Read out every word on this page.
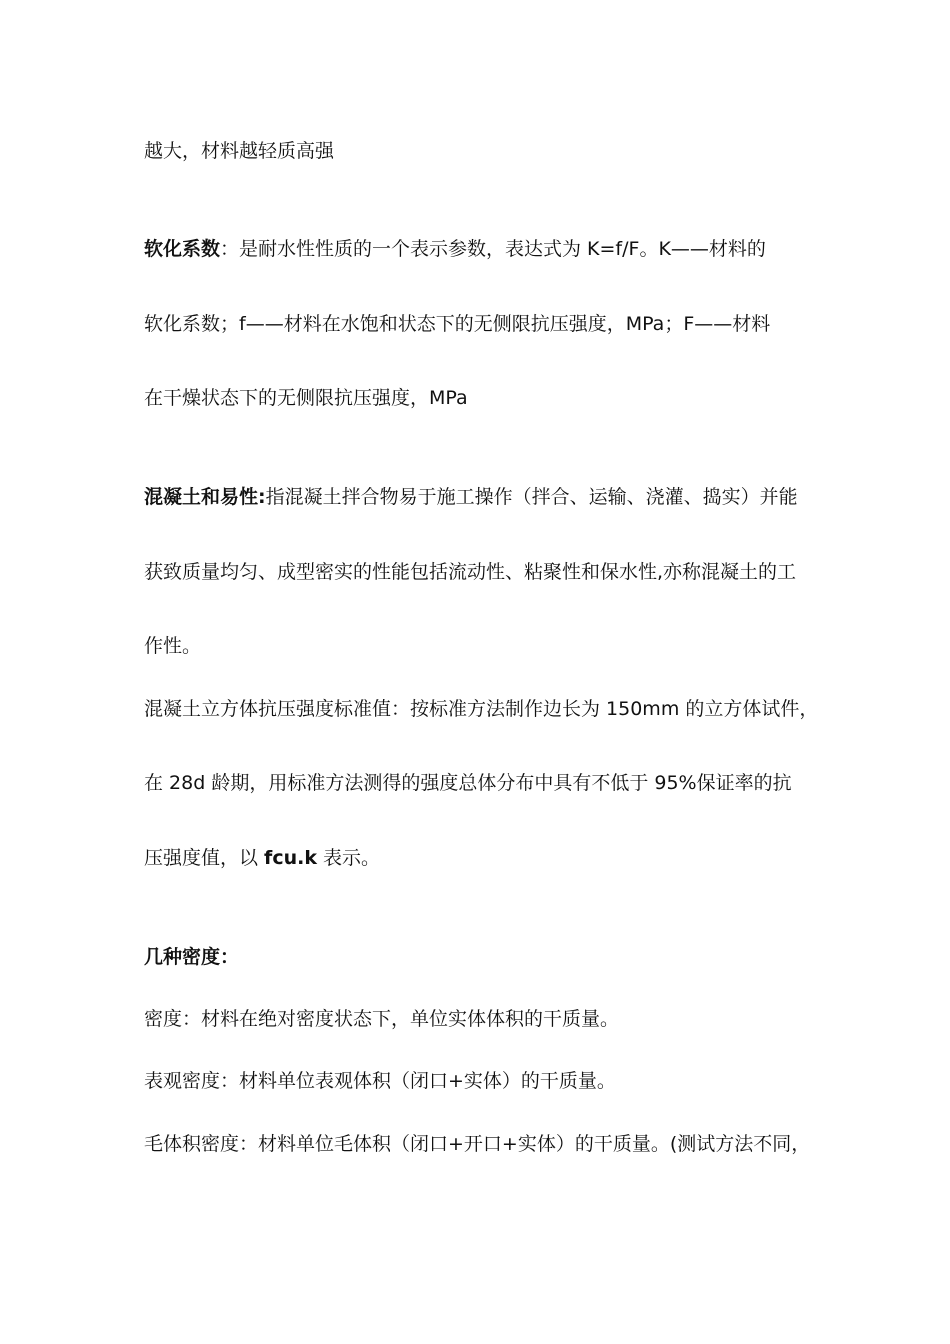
越大，材料越轻质高强
软化系数：是耐水性性质的一个表示参数，表达式为 K=f/F。K——材料的
软化系数；f——材料在水饱和状态下的无侧限抗压强度，MPa；F——材料
在干燥状态下的无侧限抗压强度，MPa
混凝土和易性:指混凝土拌合物易于施工操作（拌合、运输、浇灌、捣实）并能
获致质量均匀、成型密实的性能包括流动性、粘聚性和保水性,亦称混凝土的工
作性。
混凝土立方体抗压强度标准值：按标准方法制作边长为 150mm 的立方体试件，
在 28d 龄期，用标准方法测得的强度总体分布中具有不低于 95%保证率的抗
压强度值，以 fcu.k 表示。
几种密度：
密度：材料在绝对密度状态下，单位实体体积的干质量。
表观密度：材料单位表观体积（闭口+实体）的干质量。
毛体积密度：材料单位毛体积（闭口+开口+实体）的干质量。(测试方法不同，
